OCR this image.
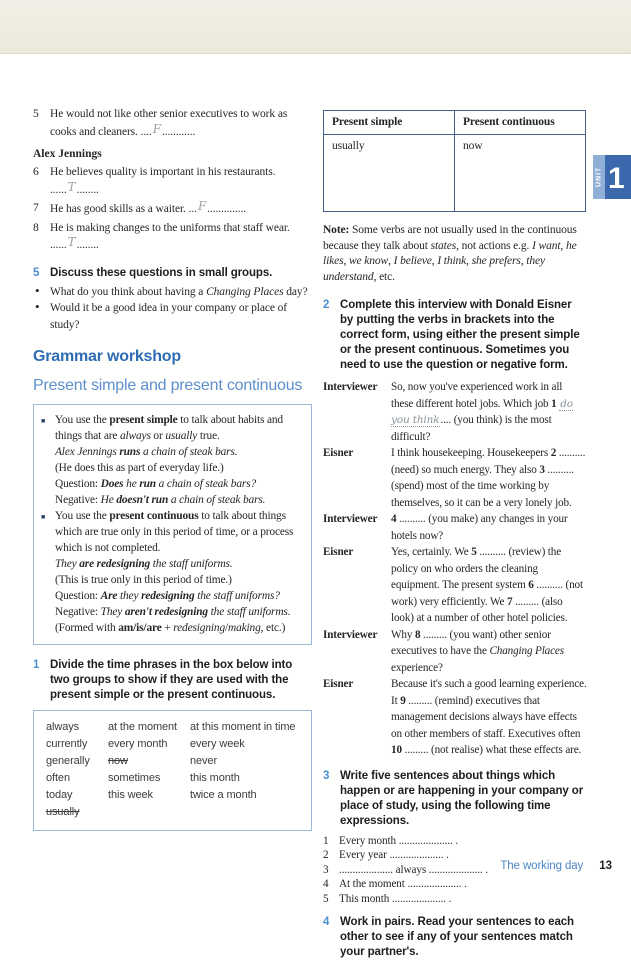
UNIT 1
5 He would not like other senior executives to work as cooks and cleaners. ....F............
Alex Jennings
6 He believes quality is important in his restaurants.
......T........
7 He has good skills as a waiter. ...F..............
8 He is making changes to the uniforms that staff wear.
......T........
5 Discuss these questions in small groups.
• What do you think about having a Changing Places day?
• Would it be a good idea in your company or place of study?
Grammar workshop
Present simple and present continuous
■ You use the present simple to talk about habits and things that are always or usually true.
Alex Jennings runs a chain of steak bars.
(He does this as part of everyday life.)
Question: Does he run a chain of steak bars?
Negative: He doesn't run a chain of steak bars.
■ You use the present continuous to talk about things which are true only in this period of time, or a process which is not completed.
They are redesigning the staff uniforms.
(This is true only in this period of time.)
Question: Are they redesigning the staff uniforms?
Negative: They aren't redesigning the staff uniforms.
(Formed with am/is/are + redesigning/making, etc.)
1 Divide the time phrases in the box below into two groups to show if they are used with the present simple or the present continuous.
always
currently
generally
often
today
usually
at the moment
every month
now
sometimes
this week
at this moment in time
every week
never
this month
twice a month
Present simple	Present continuous
usually	now

Note: Some verbs are not usually used in the continuous because they talk about states, not actions e.g. I want, he likes, we know, I believe, I think, she prefers, they understand, etc.

2 Complete this interview with Donald Eisner by putting the verbs in brackets into the correct form, using either the present simple or the present continuous. Sometimes you need to use the question or negative form.
Interviewer	So, now you've experienced work in all these different hotel jobs. Which job 1 do you think.... (you think) is the most difficult?
Eisner	I think housekeeping. Housekeepers 2 .......... (need) so much energy. They also 3 .......... (spend) most of the time working by themselves, so it can be a very lonely job.
Interviewer	4 .......... (you make) any changes in your hotels now?
Eisner	Yes, certainly. We 5 .......... (review) the policy on who orders the cleaning equipment. The present system 6 .......... (not work) very efficiently. We 7 ......... (also look) at a number of other hotel policies.
Interviewer	Why 8 ......... (you want) other senior executives to have the Changing Places experience?
Eisner	Because it's such a good learning experience. It 9 ......... (remind) executives that management decisions always have effects on other members of staff. Executives often 10 ......... (not realise) what these effects are.
3 Write five sentences about things which happen or are happening in your company or place of study, using the following time expressions.
1 Every month .................... .
2 Every year .................... .
3 .................... always .................... .
4 At the moment .................... .
5 This month .................... .
4 Work in pairs. Read your sentences to each other to see if any of your sentences match your partner's.
The working day 13
